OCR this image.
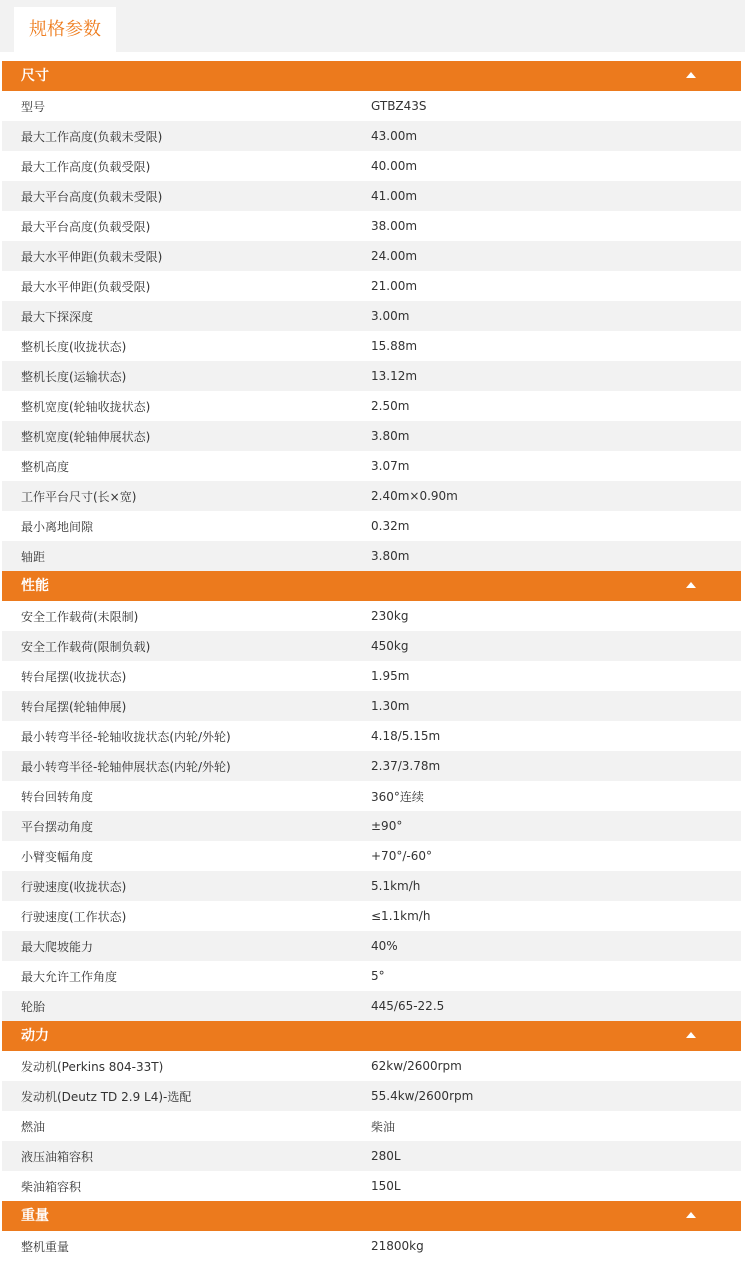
规格参数
尺寸
型号	GTBZ43S
最大工作高度(负载未受限)	43.00m
最大工作高度(负载受限)	40.00m
最大平台高度(负载未受限)	41.00m
最大平台高度(负载受限)	38.00m
最大水平伸距(负载未受限)	24.00m
最大水平伸距(负载受限)	21.00m
最大下探深度	3.00m
整机长度(收拢状态)	15.88m
整机长度(运输状态)	13.12m
整机宽度(轮轴收拢状态)	2.50m
整机宽度(轮轴伸展状态)	3.80m
整机高度	3.07m
工作平台尺寸(长×宽)	2.40m×0.90m
最小离地间隙	0.32m
轴距	3.80m
性能
安全工作载荷(未限制)	230kg
安全工作载荷(限制负载)	450kg
转台尾摆(收拢状态)	1.95m
转台尾摆(轮轴伸展)	1.30m
最小转弯半径-轮轴收拢状态(内轮/外轮)	4.18/5.15m
最小转弯半径-轮轴伸展状态(内轮/外轮)	2.37/3.78m
转台回转角度	360°连续
平台摆动角度	±90°
小臂变幅角度	+70°/-60°
行驶速度(收拢状态)	5.1km/h
行驶速度(工作状态)	≤1.1km/h
最大爬坡能力	40%
最大允许工作角度	5°
轮胎	445/65-22.5
动力
发动机(Perkins 804-33T)	62kw/2600rpm
发动机(Deutz TD 2.9 L4)-选配	55.4kw/2600rpm
燃油	柴油
液压油箱容积	280L
柴油箱容积	150L
重量
整机重量	21800kg
